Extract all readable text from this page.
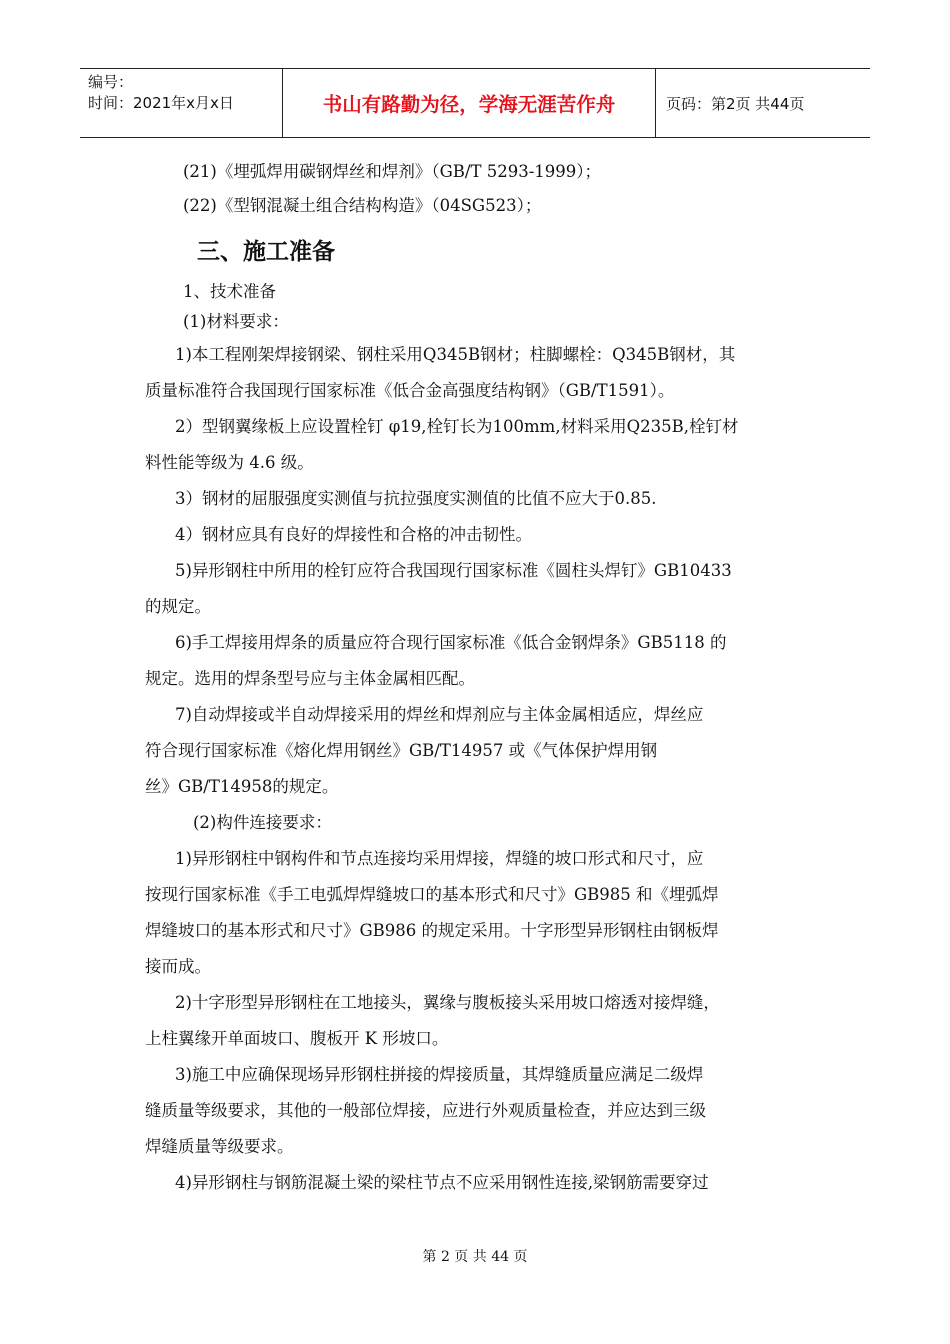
编号：
时间：2021年x月x日	书山有路勤为径，学海无涯苦作舟	页码：第2页 共44页
(21)《埋弧焊用碳钢焊丝和焊剂》（GB/T 5293-1999）；
(22)《型钢混凝土组合结构构造》（04SG523）；
三、施工准备
1、技术准备
(1)材料要求：
1)本工程刚架焊接钢梁、钢柱采用Q345B钢材；柱脚螺栓：Q345B钢材，其
质量标准符合我国现行国家标准《低合金高强度结构钢》（GB/T1591）。
2）型钢翼缘板上应设置栓钉 φ19,栓钉长为100mm,材料采用Q235B,栓钉材
料性能等级为 4.6 级。
3）钢材的屈服强度实测值与抗拉强度实测值的比值不应大于0.85.
4）钢材应具有良好的焊接性和合格的冲击韧性。
5)异形钢柱中所用的栓钉应符合我国现行国家标准《圆柱头焊钉》GB10433
的规定。
6)手工焊接用焊条的质量应符合现行国家标准《低合金钢焊条》GB5118 的
规定。选用的焊条型号应与主体金属相匹配。
7)自动焊接或半自动焊接采用的焊丝和焊剂应与主体金属相适应，焊丝应
符合现行国家标准《熔化焊用钢丝》GB/T14957 或《气体保护焊用钢
丝》GB/T14958的规定。
(2)构件连接要求：
1)异形钢柱中钢构件和节点连接均采用焊接，焊缝的坡口形式和尺寸，应
按现行国家标准《手工电弧焊焊缝坡口的基本形式和尺寸》GB985 和《埋弧焊
焊缝坡口的基本形式和尺寸》GB986 的规定采用。十字形型异形钢柱由钢板焊
接而成。
2)十字形型异形钢柱在工地接头，翼缘与腹板接头采用坡口熔透对接焊缝，
上柱翼缘开单面坡口、腹板开 K 形坡口。
3)施工中应确保现场异形钢柱拼接的焊接质量，其焊缝质量应满足二级焊
缝质量等级要求，其他的一般部位焊接，应进行外观质量检查，并应达到三级
焊缝质量等级要求。
4)异形钢柱与钢筋混凝土梁的梁柱节点不应采用钢性连接,梁钢筋需要穿过
第 2 页 共 44 页
